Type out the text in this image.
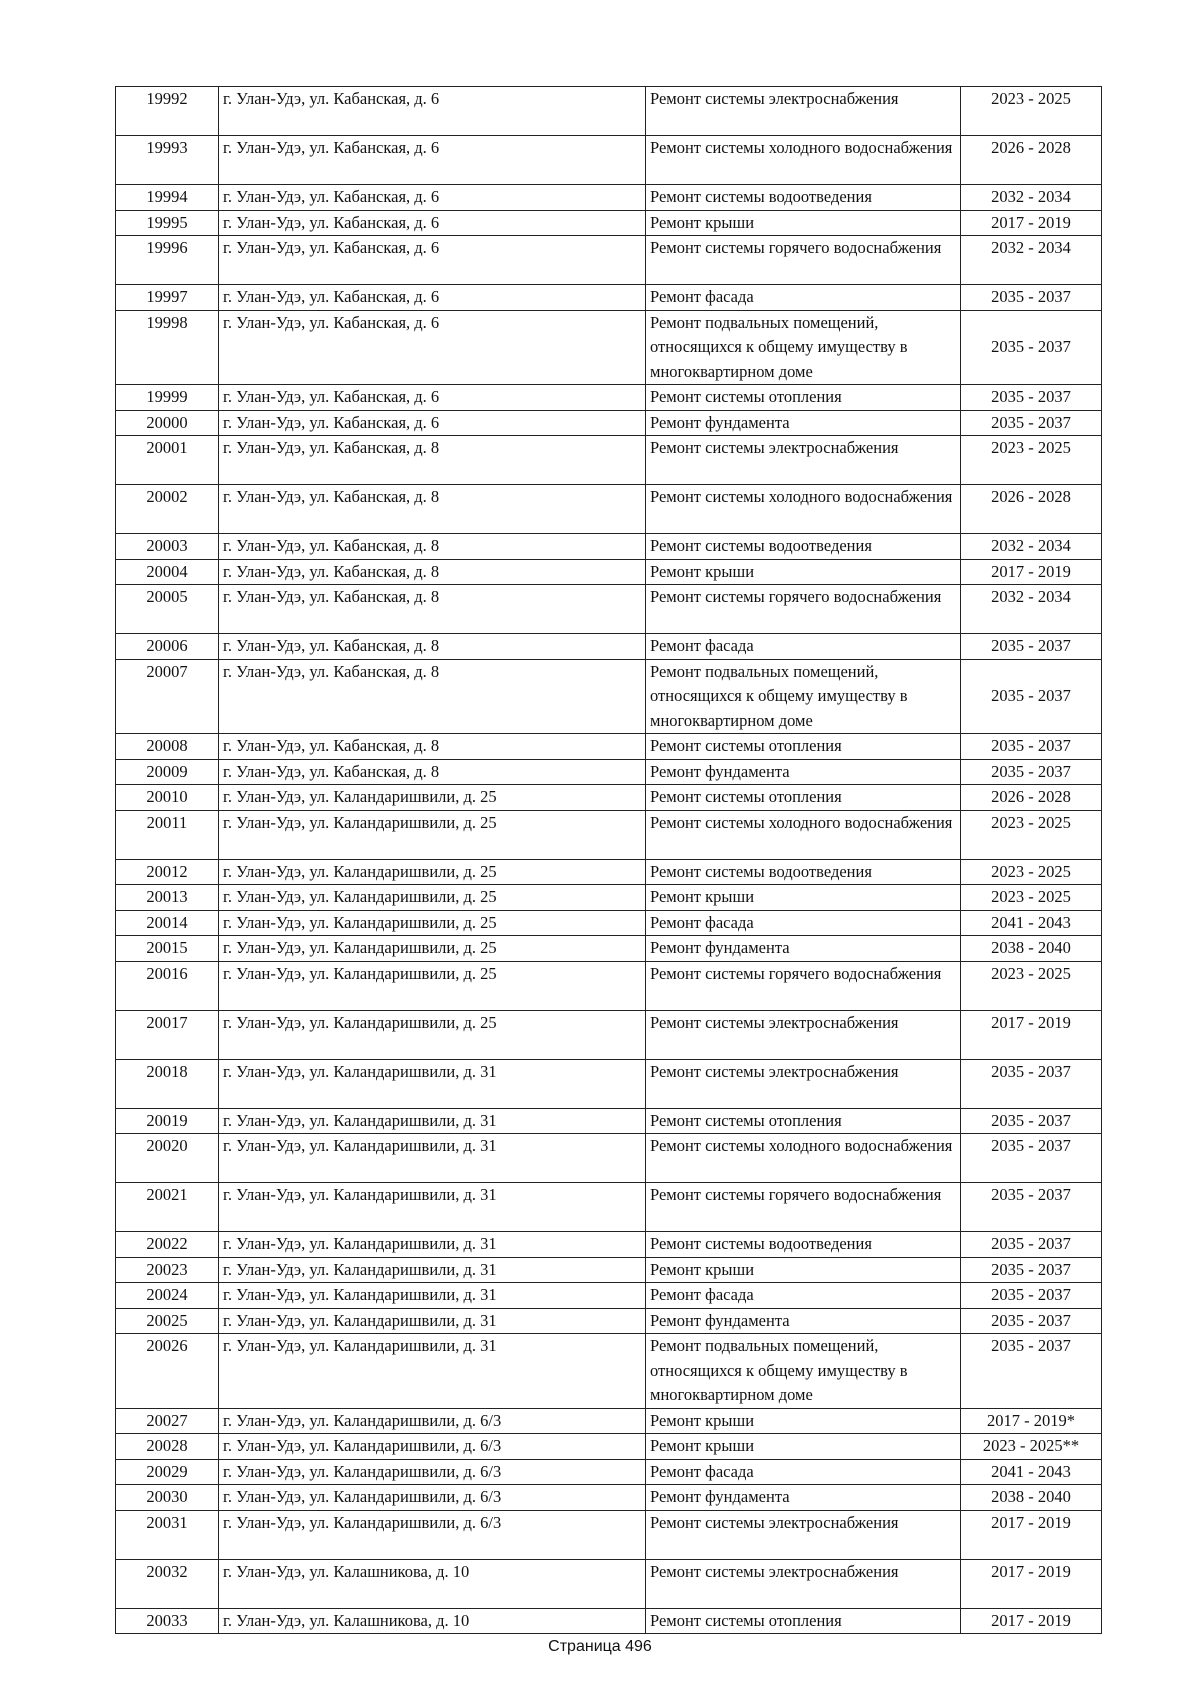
19992	г. Улан-Удэ, ул. Кабанская, д. 6	Ремонт системы электроснабжения	2023 - 2025
19993	г. Улан-Удэ, ул. Кабанская, д. 6	Ремонт системы холодного водоснабжения	2026 - 2028
19994	г. Улан-Удэ, ул. Кабанская, д. 6	Ремонт системы водоотведения	2032 - 2034
19995	г. Улан-Удэ, ул. Кабанская, д. 6	Ремонт крыши	2017 - 2019
19996	г. Улан-Удэ, ул. Кабанская, д. 6	Ремонт системы горячего водоснабжения	2032 - 2034
19997	г. Улан-Удэ, ул. Кабанская, д. 6	Ремонт фасада	2035 - 2037
19998	г. Улан-Удэ, ул. Кабанская, д. 6	Ремонт подвальных помещений, относящихся к общему имуществу в многоквартирном доме	2035 - 2037
19999	г. Улан-Удэ, ул. Кабанская, д. 6	Ремонт системы отопления	2035 - 2037
20000	г. Улан-Удэ, ул. Кабанская, д. 6	Ремонт фундамента	2035 - 2037
20001	г. Улан-Удэ, ул. Кабанская, д. 8	Ремонт системы электроснабжения	2023 - 2025
20002	г. Улан-Удэ, ул. Кабанская, д. 8	Ремонт системы холодного водоснабжения	2026 - 2028
20003	г. Улан-Удэ, ул. Кабанская, д. 8	Ремонт системы водоотведения	2032 - 2034
20004	г. Улан-Удэ, ул. Кабанская, д. 8	Ремонт крыши	2017 - 2019
20005	г. Улан-Удэ, ул. Кабанская, д. 8	Ремонт системы горячего водоснабжения	2032 - 2034
20006	г. Улан-Удэ, ул. Кабанская, д. 8	Ремонт фасада	2035 - 2037
20007	г. Улан-Удэ, ул. Кабанская, д. 8	Ремонт подвальных помещений, относящихся к общему имуществу в многоквартирном доме	2035 - 2037
20008	г. Улан-Удэ, ул. Кабанская, д. 8	Ремонт системы отопления	2035 - 2037
20009	г. Улан-Удэ, ул. Кабанская, д. 8	Ремонт фундамента	2035 - 2037
20010	г. Улан-Удэ, ул. Каландаришвили, д. 25	Ремонт системы отопления	2026 - 2028
20011	г. Улан-Удэ, ул. Каландаришвили, д. 25	Ремонт системы холодного водоснабжения	2023 - 2025
20012	г. Улан-Удэ, ул. Каландаришвили, д. 25	Ремонт системы водоотведения	2023 - 2025
20013	г. Улан-Удэ, ул. Каландаришвили, д. 25	Ремонт крыши	2023 - 2025
20014	г. Улан-Удэ, ул. Каландаришвили, д. 25	Ремонт фасада	2041 - 2043
20015	г. Улан-Удэ, ул. Каландаришвили, д. 25	Ремонт фундамента	2038 - 2040
20016	г. Улан-Удэ, ул. Каландаришвили, д. 25	Ремонт системы горячего водоснабжения	2023 - 2025
20017	г. Улан-Удэ, ул. Каландаришвили, д. 25	Ремонт системы электроснабжения	2017 - 2019
20018	г. Улан-Удэ, ул. Каландаришвили, д. 31	Ремонт системы электроснабжения	2035 - 2037
20019	г. Улан-Удэ, ул. Каландаришвили, д. 31	Ремонт системы отопления	2035 - 2037
20020	г. Улан-Удэ, ул. Каландаришвили, д. 31	Ремонт системы холодного водоснабжения	2035 - 2037
20021	г. Улан-Удэ, ул. Каландаришвили, д. 31	Ремонт системы горячего водоснабжения	2035 - 2037
20022	г. Улан-Удэ, ул. Каландаришвили, д. 31	Ремонт системы водоотведения	2035 - 2037
20023	г. Улан-Удэ, ул. Каландаришвили, д. 31	Ремонт крыши	2035 - 2037
20024	г. Улан-Удэ, ул. Каландаришвили, д. 31	Ремонт фасада	2035 - 2037
20025	г. Улан-Удэ, ул. Каландаришвили, д. 31	Ремонт фундамента	2035 - 2037
20026	г. Улан-Удэ, ул. Каландаришвили, д. 31	Ремонт подвальных помещений, относящихся к общему имуществу в многоквартирном доме	2035 - 2037
20027	г. Улан-Удэ, ул. Каландаришвили, д. 6/3	Ремонт крыши	2017 - 2019*
20028	г. Улан-Удэ, ул. Каландаришвили, д. 6/3	Ремонт крыши	2023 - 2025**
20029	г. Улан-Удэ, ул. Каландаришвили, д. 6/3	Ремонт фасада	2041 - 2043
20030	г. Улан-Удэ, ул. Каландаришвили, д. 6/3	Ремонт фундамента	2038 - 2040
20031	г. Улан-Удэ, ул. Каландаришвили, д. 6/3	Ремонт системы электроснабжения	2017 - 2019
20032	г. Улан-Удэ, ул. Калашникова, д. 10	Ремонт системы электроснабжения	2017 - 2019
20033	г. Улан-Удэ, ул. Калашникова, д. 10	Ремонт системы отопления	2017 - 2019
Страница 496
